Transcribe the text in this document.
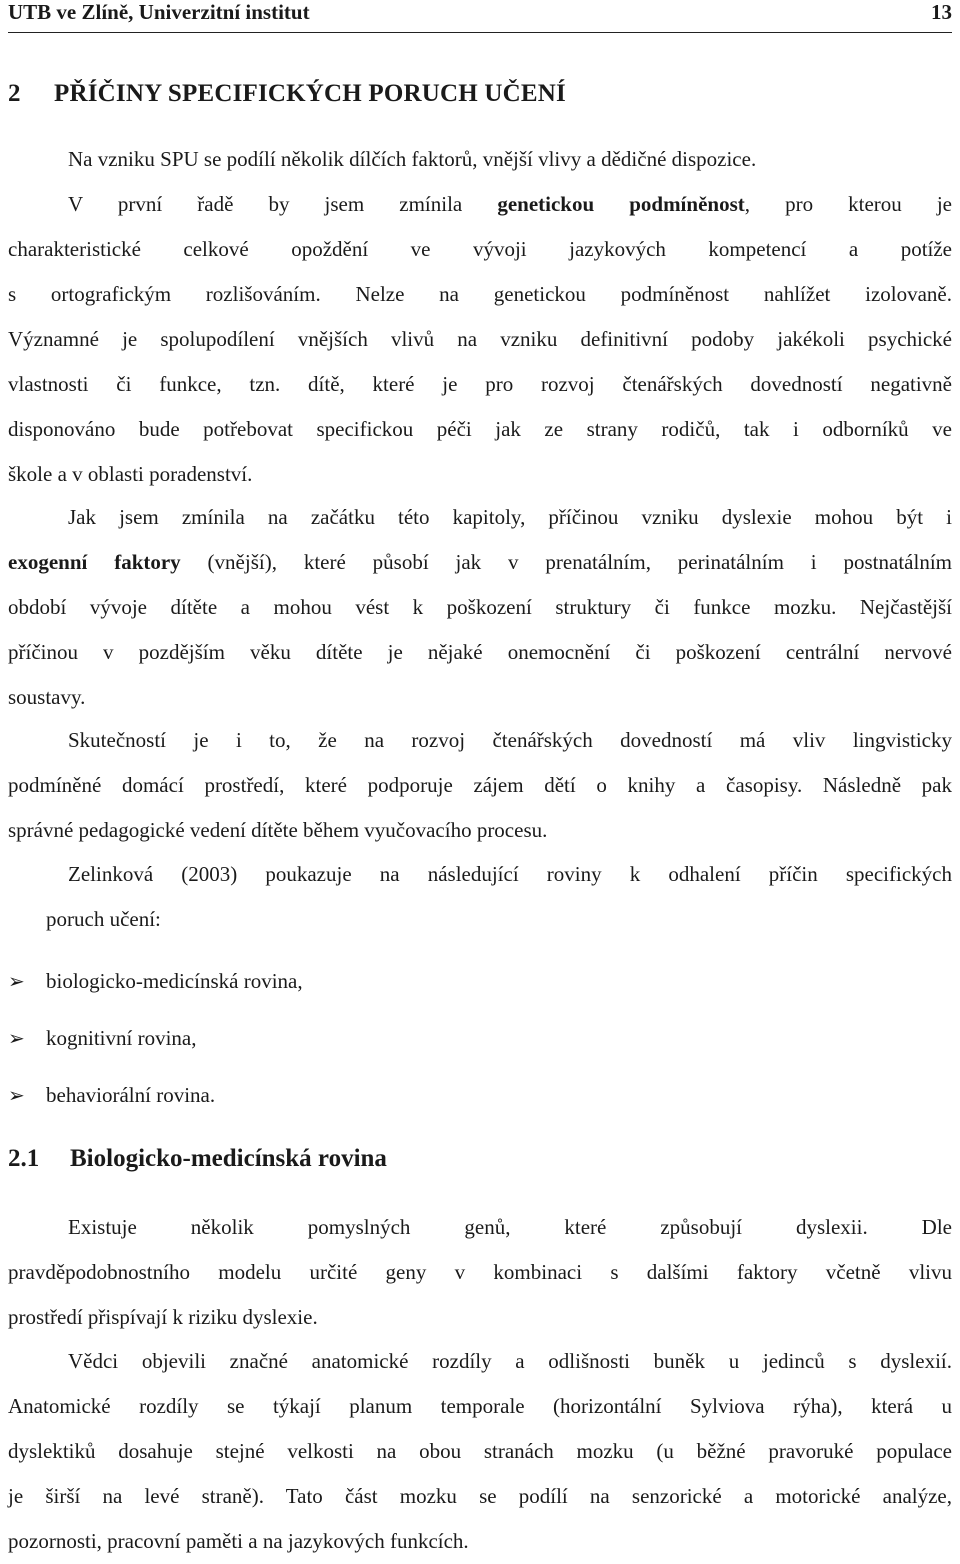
UTB ve Zlíně, Univerzitní institut	13
2 PŘÍČINY SPECIFICKÝCH PORUCH UČENÍ
Na vzniku SPU se podílí několik dílčích faktorů, vnější vlivy a dědičné dispozice.
V první řadě by jsem zmínila genetickou podmíněnost, pro kterou je
charakteristické celkové opoždění ve vývoji jazykových kompetencí a potíže
s ortografickým rozlišováním. Nelze na genetickou podmíněnost nahlížet izolovaně.
Významné je spolupodílení vnějších vlivů na vzniku definitivní podoby jakékoli psychické
vlastnosti či funkce, tzn. dítě, které je pro rozvoj čtenářských dovedností negativně
disponováno bude potřebovat specifickou péči jak ze strany rodičů, tak i odborníků ve
škole a v oblasti poradenství.
Jak jsem zmínila na začátku této kapitoly, příčinou vzniku dyslexie mohou být i
exogenní faktory (vnější), které působí jak v prenatálním, perinatálním i postnatálním
období vývoje dítěte a mohou vést k poškození struktury či funkce mozku. Nejčastější
příčinou v pozdějším věku dítěte je nějaké onemocnění či poškození centrální nervové
soustavy.
Skutečností je i to, že na rozvoj čtenářských dovedností má vliv lingvisticky
podmíněné domácí prostředí, které podporuje zájem dětí o knihy a časopisy. Následně pak
správné pedagogické vedení dítěte během vyučovacího procesu.
Zelinková (2003) poukazuje na následující roviny k odhalení příčin specifických
poruch učení:
➢	biologicko-medicínská rovina,
➢	kognitivní rovina,
➢	behaviorální rovina.
2.1 Biologicko-medicínská rovina
Existuje několik pomyslných genů, které způsobují dyslexii. Dle
pravděpodobnostního modelu určité geny v kombinaci s dalšími faktory včetně vlivu
prostředí přispívají k riziku dyslexie.
Vědci objevili značné anatomické rozdíly a odlišnosti buněk u jedinců s dyslexií.
Anatomické rozdíly se týkají planum temporale (horizontální Sylviova rýha), která u
dyslektiků dosahuje stejné velkosti na obou stranách mozku (u běžné pravoruké populace
je širší na levé straně). Tato část mozku se podílí na senzorické a motorické analýze,
pozornosti, pracovní paměti a na jazykových funkcích.
